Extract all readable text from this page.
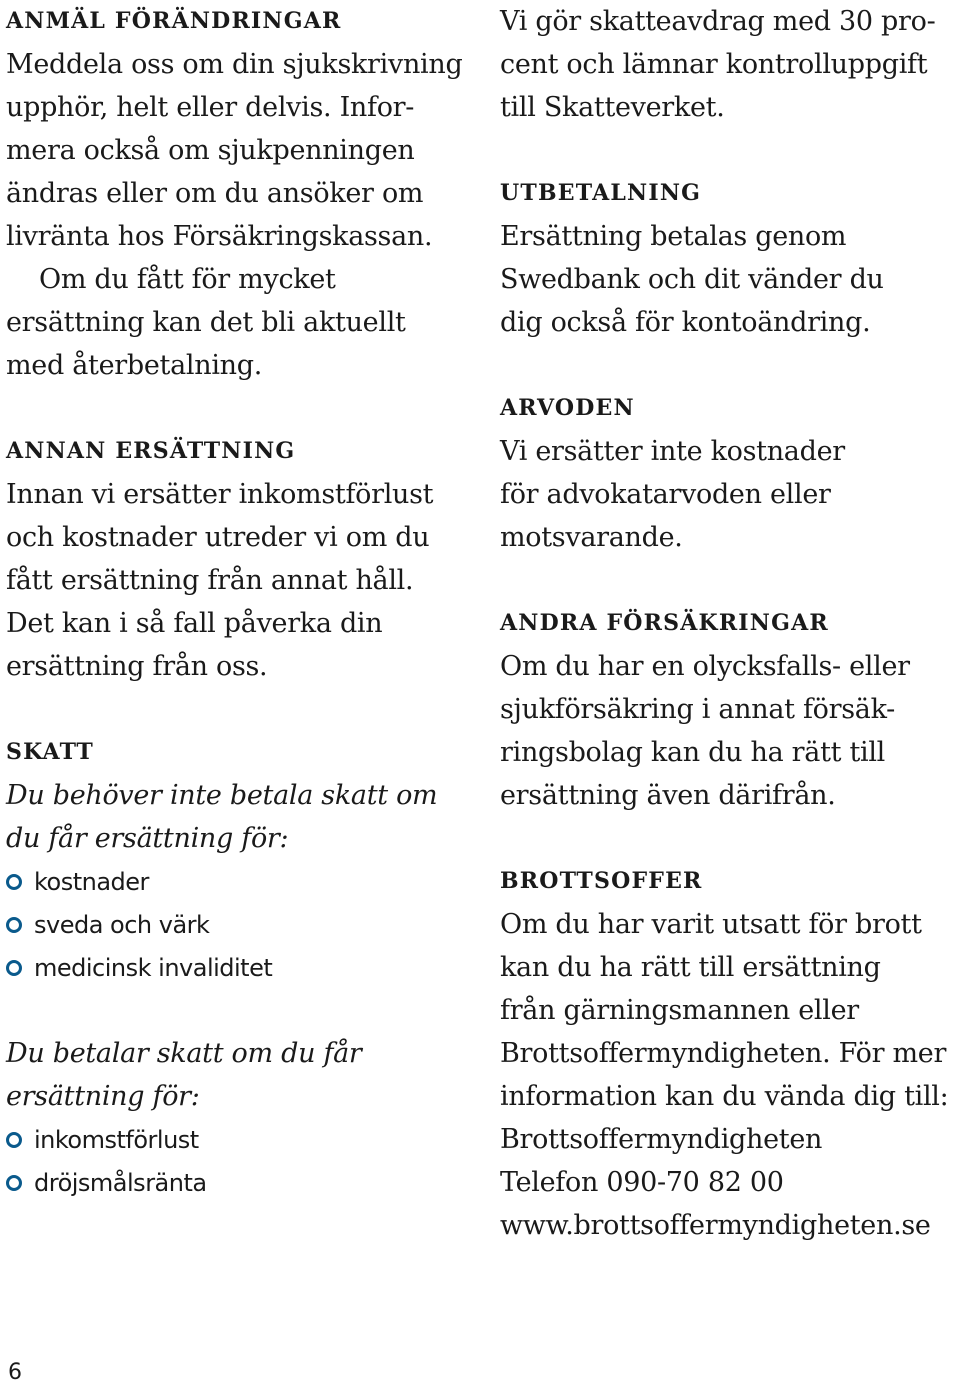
ANMÄL FÖRÄNDRINGAR
Meddela oss om din sjukskrivning
upphör, helt eller delvis. Infor-
mera också om sjukpenningen
ändras eller om du ansöker om
livränta hos Försäkringskassan.
Om du fått för mycket
ersättning kan det bli aktuellt
med återbetalning.
ANNAN ERSÄTTNING
Innan vi ersätter inkomstförlust
och kostnader utreder vi om du
fått ersättning från annat håll.
Det kan i så fall påverka din
ersättning från oss.
SKATT
Du behöver inte betala skatt om
du får ersättning för:
kostnader
sveda och värk
medicinsk invaliditet
Du betalar skatt om du får
ersättning för:
inkomstförlust
dröjsmålsränta
Vi gör skatteavdrag med 30 pro-
cent och lämnar kontrolluppgift
till Skatteverket.
UTBETALNING
Ersättning betalas genom
Swedbank och dit vänder du
dig också för kontoändring.
ARVODEN
Vi ersätter inte kostnader
för advokatarvoden eller
motsvarande.
ANDRA FÖRSÄKRINGAR
Om du har en olycksfalls- eller
sjukförsäkring i annat försäk-
ringsbolag kan du ha rätt till
ersättning även därifrån.
BROTTSOFFER
Om du har varit utsatt för brott
kan du ha rätt till ersättning
från gärningsmannen eller
Brottsoffermyndigheten. För mer
information kan du vända dig till:
Brottsoffermyndigheten
Telefon 090-70 82 00
www.brottsoffermyndigheten.se
6
